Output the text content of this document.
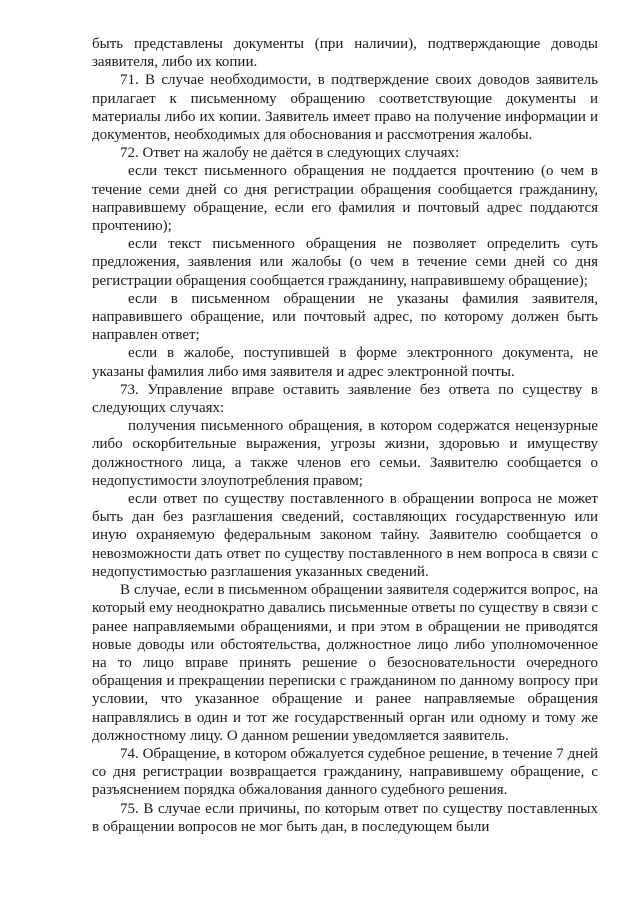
быть представлены документы (при наличии), подтверждающие доводы заявителя, либо их копии.

71. В случае необходимости, в подтверждение своих доводов заявитель прилагает к письменному обращению соответствующие документы и материалы либо их копии. Заявитель имеет право на получение информации и документов, необходимых для обоснования и рассмотрения жалобы.

72. Ответ на жалобу не даётся в следующих случаях:

если текст письменного обращения не поддается прочтению (о чем в течение семи дней со дня регистрации обращения сообщается гражданину, направившему обращение, если его фамилия и почтовый адрес поддаются прочтению);

если текст письменного обращения не позволяет определить суть предложения, заявления или жалобы (о чем в течение семи дней со дня регистрации обращения сообщается гражданину, направившему обращение);

если в письменном обращении не указаны фамилия заявителя, направившего обращение, или почтовый адрес, по которому должен быть направлен ответ;

если в жалобе, поступившей в форме электронного документа, не указаны фамилия либо имя заявителя и адрес электронной почты.

73. Управление вправе оставить заявление без ответа по существу в следующих случаях:

получения письменного обращения, в котором содержатся нецензурные либо оскорбительные выражения, угрозы жизни, здоровью и имуществу должностного лица, а также членов его семьи. Заявителю сообщается о недопустимости злоупотребления правом;

если ответ по существу поставленного в обращении вопроса не может быть дан без разглашения сведений, составляющих государственную или иную охраняемую федеральным законом тайну. Заявителю сообщается о невозможности дать ответ по существу поставленного в нем вопроса в связи с недопустимостью разглашения указанных сведений.

В случае, если в письменном обращении заявителя содержится вопрос, на который ему неоднократно давались письменные ответы по существу в связи с ранее направляемыми обращениями, и при этом в обращении не приводятся новые доводы или обстоятельства, должностное лицо либо уполномоченное на то лицо вправе принять решение о безосновательности очередного обращения и прекращении переписки с гражданином по данному вопросу при условии, что указанное обращение и ранее направляемые обращения направлялись в один и тот же государственный орган или одному и тому же должностному лицу. О данном решении уведомляется заявитель.

74. Обращение, в котором обжалуется судебное решение, в течение 7 дней со дня регистрации возвращается гражданину, направившему обращение, с разъяснением порядка обжалования данного судебного решения.

75. В случае если причины, по которым ответ по существу поставленных в обращении вопросов не мог быть дан, в последующем были
